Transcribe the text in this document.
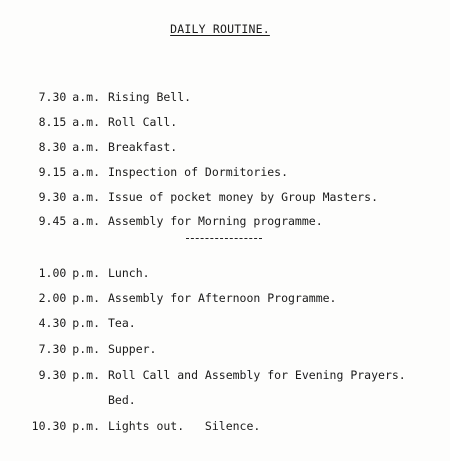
DAILY ROUTINE.
7.30 a.m. Rising Bell.
8.15 a.m. Roll Call.
8.30 a.m. Breakfast.
9.15 a.m. Inspection of Dormitories.
9.30 a.m. Issue of pocket money by Group Masters.
9.45 a.m. Assembly for Morning programme.
1.00 p.m. Lunch.
2.00 p.m. Assembly for Afternoon Programme.
4.30 p.m. Tea.
7.30 p.m. Supper.
9.30 p.m. Roll Call and Assembly for Evening Prayers.
Bed.
10.30 p.m. Lights out.   Silence.
